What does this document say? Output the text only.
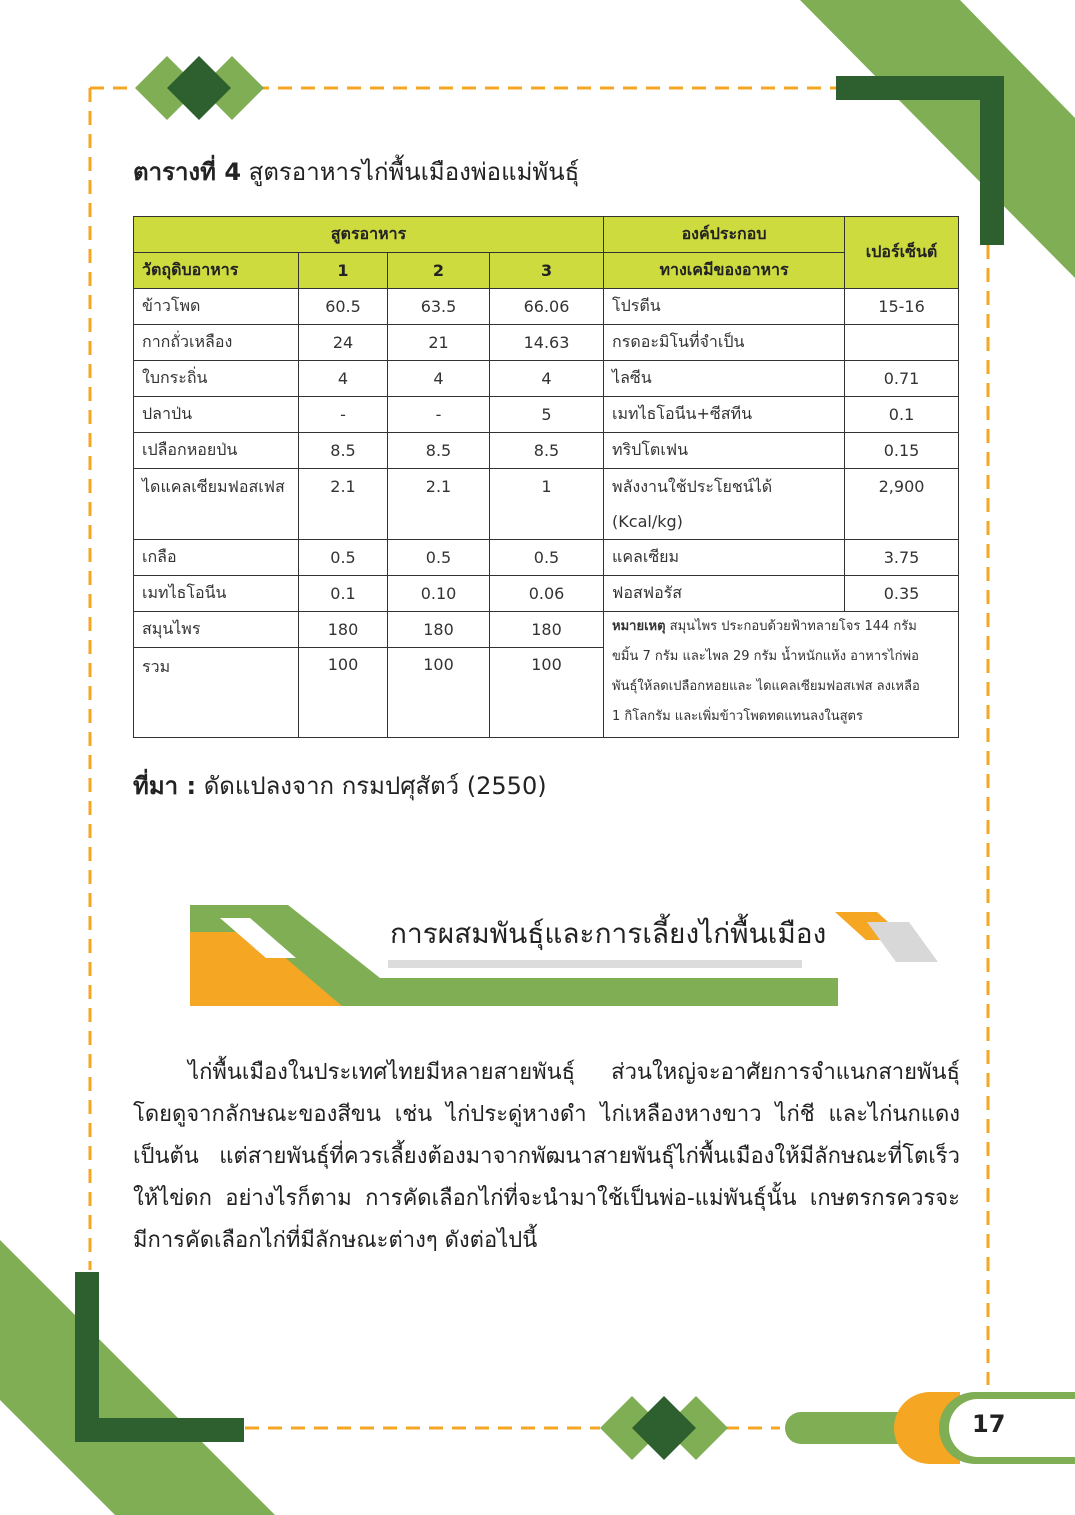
ตารางที่ 4 สูตรอาหารไก่พื้นเมืองพ่อแม่พันธุ์
สูตรอาหาร				องค์ประกอบ	เปอร์เซ็นต์
วัตถุดิบอาหาร	1	2	3	ทางเคมีของอาหาร	
ข้าวโพด	60.5	63.5	66.06	โปรตีน	15-16
กากถั่วเหลือง	24	21	14.63	กรดอะมิโนที่จำเป็น	
ใบกระถิ่น	4	4	4	ไลซีน	0.71
ปลาป่น	-	-	5	เมทไธโอนีน+ซีสทีน	0.1
เปลือกหอยป่น	8.5	8.5	8.5	ทริปโตเฟน	0.15

ไดแคลเซียมฟอสเฟส	2.1	2.1	1	พลังงานใช้ประโยชน์ได้
(Kcal/kg)	2,900

เกลือ	0.5	0.5	0.5	แคลเซียม	3.75
เมทไธโอนีน	0.1	0.10	0.06	ฟอสฟอรัส	0.35
สมุนไพร	180	180	180	หมายเหตุ สมุนไพร ประกอบด้วยฟ้าทลายโจร 144 กรัม
ขมิ้น 7 กรัม และไพล 29 กรัม น้ำหนักแห้ง อาหารไก่พ่อ
พันธุ์ให้ลดเปลือกหอยและ ไดแคลเซียมฟอสเฟส ลงเหลือ
1 กิโลกรัม และเพิ่มข้าวโพดทดแทนลงในสูตร	

รวม	100	100	100		
ที่มา : ดัดแปลงจาก กรมปศุสัตว์ (2550)
การผสมพันธุ์และการเลี้ยงไก่พื้นเมือง

ไก่พื้นเมืองในประเทศไทยมีหลายสายพันธุ์ ส่วนใหญ่จะอาศัยการจำแนกสายพันธุ์ โดยดูจากลักษณะของสีขน เช่น ไก่ประดู่หางดำ ไก่เหลืองหางขาว ไก่ชี และไก่นกแดง เป็นต้น แต่สายพันธุ์ที่ควรเลี้ยงต้องมาจากพัฒนาสายพันธุ์ไก่พื้นเมืองให้มีลักษณะที่โตเร็ว ให้ไข่ดก อย่างไรก็ตาม การคัดเลือกไก่ที่จะนำมาใช้เป็นพ่อ-แม่พันธุ์นั้น เกษตรกรควรจะ มีการคัดเลือกไก่ที่มีลักษณะต่างๆ ดังต่อไปนี้

17
